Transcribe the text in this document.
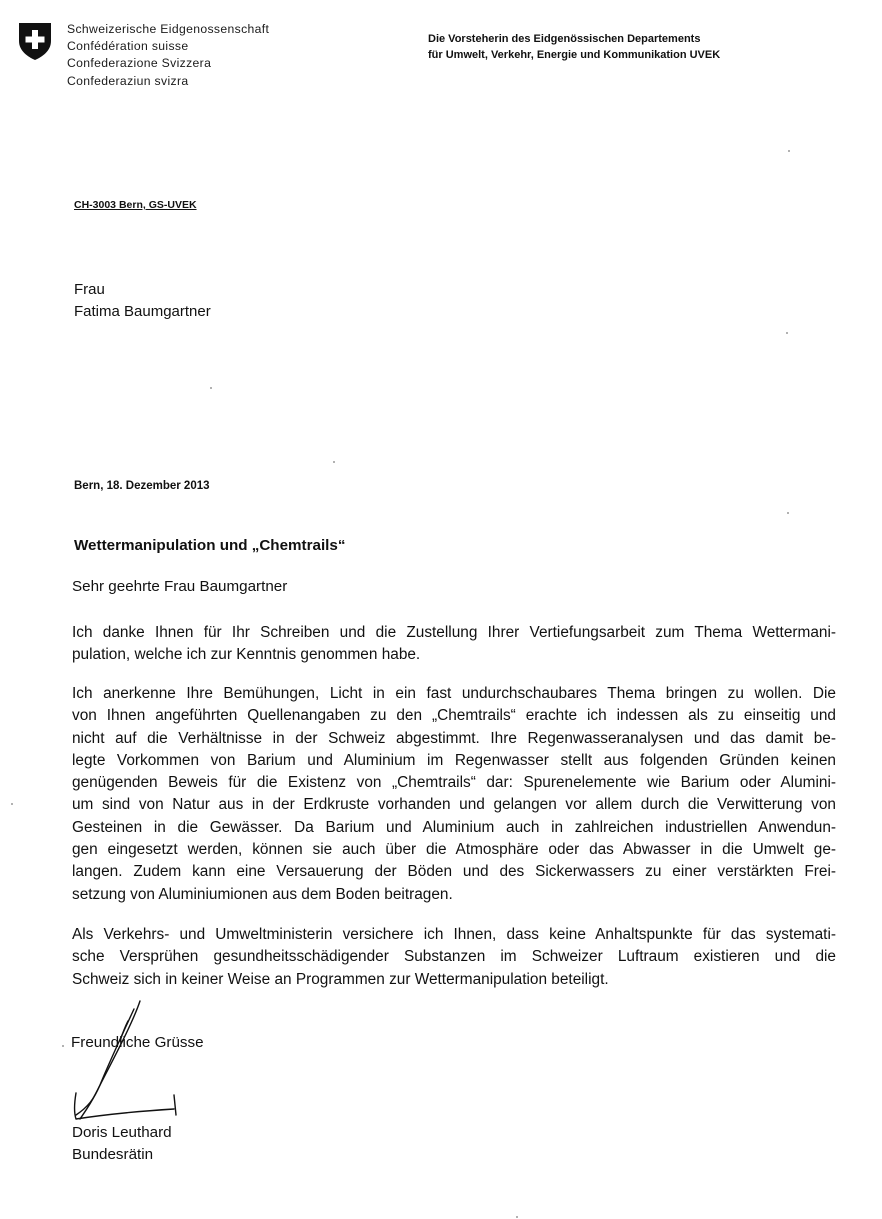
Schweizerische Eidgenossenschaft
Confédération suisse
Confederazione Svizzera
Confederaziun svizra
Die Vorsteherin des Eidgenössischen Departements
für Umwelt, Verkehr, Energie und Kommunikation UVEK
CH-3003 Bern, GS-UVEK
Frau
Fatima Baumgartner
Bern, 18. Dezember 2013
Wettermanipulation und „Chemtrails“
Sehr geehrte Frau Baumgartner
Ich danke Ihnen für Ihr Schreiben und die Zustellung Ihrer Vertiefungsarbeit zum Thema Wettermani-
pulation, welche ich zur Kenntnis genommen habe.
Ich anerkenne Ihre Bemühungen, Licht in ein fast undurchschaubares Thema bringen zu wollen. Die
von Ihnen angeführten Quellenangaben zu den „Chemtrails“ erachte ich indessen als zu einseitig und
nicht auf die Verhältnisse in der Schweiz abgestimmt. Ihre Regenwasseranalysen und das damit be-
legte Vorkommen von Barium und Aluminium im Regenwasser stellt aus folgenden Gründen keinen
genügenden Beweis für die Existenz von „Chemtrails“ dar: Spurenelemente wie Barium oder Alumini-
um sind von Natur aus in der Erdkruste vorhanden und gelangen vor allem durch die Verwitterung von
Gesteinen in die Gewässer. Da Barium und Aluminium auch in zahlreichen industriellen Anwendun-
gen eingesetzt werden, können sie auch über die Atmosphäre oder das Abwasser in die Umwelt ge-
langen. Zudem kann eine Versauerung der Böden und des Sickerwassers zu einer verstärkten Frei-
setzung von Aluminiumionen aus dem Boden beitragen.
Als Verkehrs- und Umweltministerin versichere ich Ihnen, dass keine Anhaltspunkte für das systemati-
sche Versprühen gesundheitsschädigender Substanzen im Schweizer Luftraum existieren und die
Schweiz sich in keiner Weise an Programmen zur Wettermanipulation beteiligt.
Freundliche Grüsse
Doris Leuthard
Bundesrätin
